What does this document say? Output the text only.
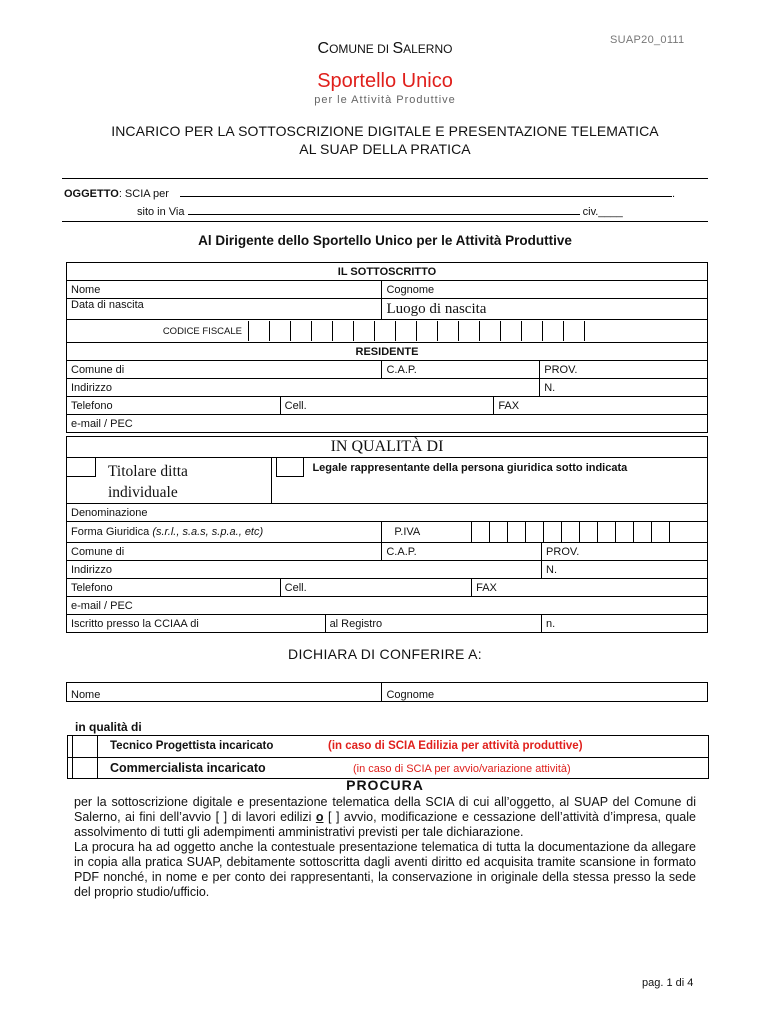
SUAP20_0111
COMUNE DI SALERNO
Sportello Unico
per le Attività Produttive
INCARICO PER LA SOTTOSCRIZIONE DIGITALE E PRESENTAZIONE TELEMATICA
AL SUAP DELLA PRATICA
OGGETTO: SCIA per	.
sito in Via	civ.____
Al Dirigente dello Sportello Unico per le Attività Produttive
IL SOTTOSCRITTO				
Nome		Cognome		
Data di nascita		Luogo di nascita		

CODICE FISCALE				

RESIDENTE				
Comune di		C.A.P.		PROV.
Indirizzo				N.
Telefono	Cell.		FAX	
e-mail / PEC				
IN QUALITÀ DI

Titolare ditta
individuale

Legale rappresentante della persona giuridica sotto indicata
Denominazione					
Forma Giuridica (s.r.l., s.a.s, s.p.a., etc)			P.IVA		

Comune di			C.A.P.		PROV.
Indirizzo					N.
Telefono	Cell.			FAX	
e-mail / PEC					
Iscritto presso la CCIAA di		al Registro			n.
DICHIARA DI CONFERIRE A:
Nome	Cognome
in qualità di
Tecnico Progettista incaricato	(in caso di SCIA Edilizia per attività produttive)
Commercialista incaricato	(in caso di SCIA per avvio/variazione attività)
PROCURA

per la sottoscrizione digitale e presentazione telematica della SCIA di cui all’oggetto, al SUAP del Comune di Salerno, ai fini dell’avvio [ ] di lavori edilizi o [ ] avvio, modificazione e cessazione dell’attività d’impresa, quale assolvimento di tutti gli adempimenti amministrativi previsti per tale dichiarazione.

La procura ha ad oggetto anche la contestuale presentazione telematica di tutta la documentazione da allegare in copia alla pratica SUAP, debitamente sottoscritta dagli aventi diritto ed acquisita tramite scansione in formato PDF nonché, in nome e per conto dei rappresentanti, la conservazione in originale della stessa presso la sede del proprio studio/ufficio.

pag. 1 di 4
